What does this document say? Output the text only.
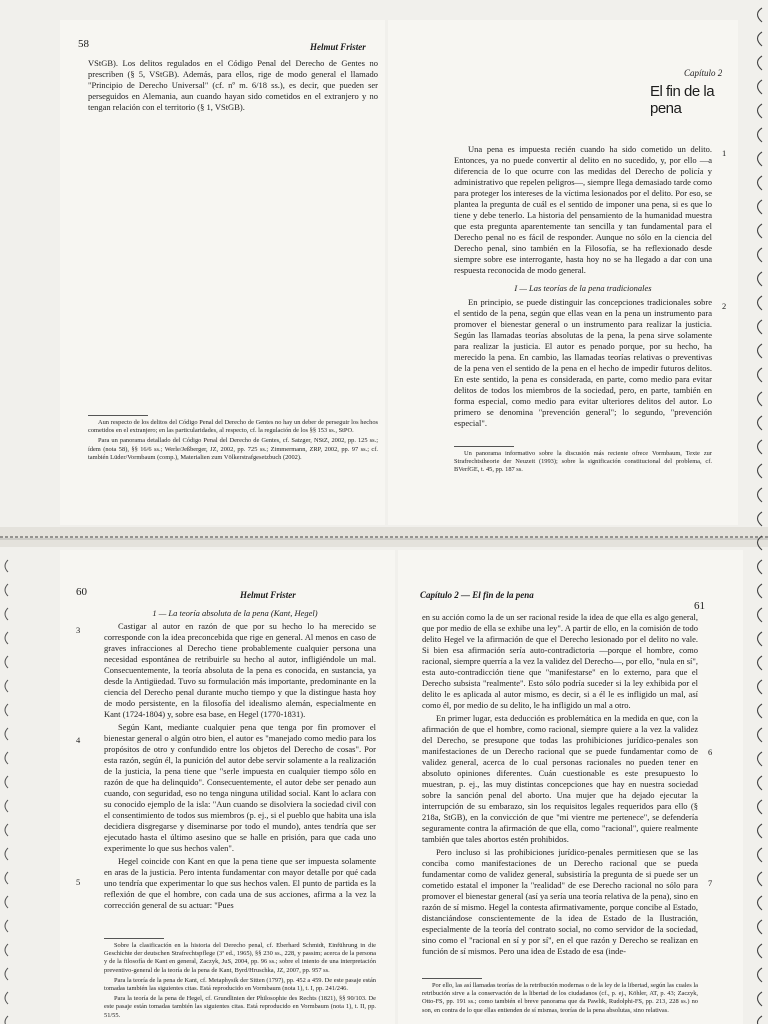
58	Helmut Frister

VStGB). Los delitos regulados en el Código Penal del Derecho de Gentes no prescriben (§ 5, VStGB). Además, para ellos, rige de modo general el llamado "Principio de Derecho Universal" (cf. nº m. 6/18 ss.), es decir, que pueden ser perseguidos en Alemania, aun cuando hayan sido cometidos en el extranjero y no tengan relación con el territorio (§ 1, VStGB).

Aun respecto de los delitos del Código Penal del Derecho de Gentes no hay un deber de perseguir los hechos cometidos en el extranjero; en las particularidades, al respecto, cf. la regulación de los §§ 153 ss., StPO.

Para un panorama detallado del Código Penal del Derecho de Gentes, cf. Satzger, NStZ, 2002, pp. 125 ss.; ídem (nota 58), §§ 16/6 ss.; Werle/Jeßberger, JZ, 2002, pp. 725 ss.; Zimmermann, ZRP, 2002, pp. 97 ss.; cf. también Lüder/Vormbaum (comp.), Materialien zum Völkerstrafgesetzbuch (2002).

Capítulo 2
El fin de la pena
1

Una pena es impuesta recién cuando ha sido cometido un delito. Entonces, ya no puede convertir al delito en no sucedido, y, por ello —a diferencia de lo que ocurre con las medidas del Derecho de policía y administrativo que repelen peligros—, siempre llega demasiado tarde como para proteger los intereses de la víctima lesionados por el delito. Por eso, se plantea la pregunta de cuál es el sentido de imponer una pena, si es que lo tiene y debe tenerlo. La historia del pensamiento de la humanidad muestra que esta pregunta aparentemente tan sencilla y tan fundamental para el Derecho penal no es fácil de responder. Aunque no sólo en la ciencia del Derecho penal, sino también en la Filosofía, se ha reflexionado desde siempre sobre ese interrogante, hasta hoy no se ha llegado a dar con una respuesta reconocida de modo general.

I — Las teorías de la pena tradicionales
2

En principio, se puede distinguir las concepciones tradicionales sobre el sentido de la pena, según que ellas vean en la pena un instrumento para promover el bienestar general o un instrumento para realizar la justicia. Según las llamadas teorías absolutas de la pena, la pena sirve solamente para realizar la justicia. El autor es penado porque, por su hecho, ha merecido la pena. En cambio, las llamadas teorías relativas o preventivas de la pena ven el sentido de la pena en el hecho de impedir futuros delitos. En este sentido, la pena es considerada, en parte, como medio para evitar delitos de todos los miembros de la sociedad, pero, en parte, también en forma especial, como medio para evitar ulteriores delitos del autor. Lo primero se denomina "prevención general"; lo segundo, "prevención especial".

Un panorama informativo sobre la discusión más reciente ofrece Vormbaum, Texte zur Strafrechtstheorie der Neuzeit (1993); sobre la significación constitucional del problema, cf. BVerfGE, t. 45, pp. 187 ss.

60	Helmut Frister
1 — La teoría absoluta de la pena (Kant, Hegel)
3
4
5

Castigar al autor en razón de que por su hecho lo ha merecido se corresponde con la idea preconcebida que rige en general. Al menos en caso de graves infracciones al Derecho tiene probablemente cualquier persona una necesidad espontánea de retribuirle su hecho al autor, infligiéndole un mal. Consecuentemente, la teoría absoluta de la pena es conocida, en sustancia, ya desde la Antigüedad. Tuvo su formulación más importante, predominante en la ciencia del Derecho penal durante mucho tiempo y que la distingue hasta hoy de modo persistente, en la filosofía del idealismo alemán, especialmente en Kant (1724-1804) y, sobre esa base, en Hegel (1770-1831).

Según Kant, mediante cualquier pena que tenga por fin promover el bienestar general o algún otro bien, el autor es "manejado como medio para los propósitos de otro y confundido entre los objetos del Derecho de cosas". Por esta razón, según él, la punición del autor debe servir solamente a la realización de la justicia, la pena tiene que "serle impuesta en cualquier tiempo sólo en razón de que ha delinquido". Consecuentemente, el autor debe ser penado aun cuando, con seguridad, eso no tenga ninguna utilidad social. Kant lo aclara con su conocido ejemplo de la isla: "Aun cuando se disolviera la sociedad civil con el consentimiento de todos sus miembros (p. ej., si el pueblo que habita una isla decidiera disgregarse y diseminarse por todo el mundo), antes tendría que ser ejecutado hasta el último asesino que se halle en prisión, para que cada uno experimente lo que sus hechos valen".

Hegel coincide con Kant en que la pena tiene que ser impuesta solamente en aras de la justicia. Pero intenta fundamentar con mayor detalle por qué cada uno tendría que experimentar lo que sus hechos valen. El punto de partida es la reflexión de que el hombre, con cada una de sus acciones, afirma a la vez la corrección general de su actuar: "Pues

Sobre la clasificación en la historia del Derecho penal, cf. Eberhard Schmidt, Einführung in die Geschichte der deutschen Strafrechtspflege (3ª ed., 1965), §§ 230 ss., 228, y passim; acerca de la persona y de la filosofía de Kant en general, Zaczyk, JuS, 2004, pp. 96 ss.; sobre el intento de una interpretación preventivo-general de la teoría de la pena de Kant, Byrd/Hruschka, JZ, 2007, pp. 957 ss.

Para la teoría de la pena de Kant, cf. Metaphysik der Sitten (1797), pp. 452 a 459. De este pasaje están tomadas también las siguientes citas. Está reproducido en Vormbaum (nota 1), t. I, pp. 241/246.

Para la teoría de la pena de Hegel, cf. Grundlinien der Philosophie des Rechts (1821), §§ 90/103. De este pasaje están tomadas también las siguientes citas. Está reproducido en Vormbaum (nota 1), t. II, pp. 51/55.

Capítulo 2 — El fin de la pena
61
6
7

en su acción como la de un ser racional reside la idea de que ella es algo general, que por medio de ella se exhibe una ley". A partir de ello, en la comisión de todo delito Hegel ve la afirmación de que el Derecho lesionado por el delito no vale. Si bien esa afirmación sería auto-contradictoria —porque el hombre, como racional, siempre querría a la vez la validez del Derecho—, por ello, "nula en sí", esta auto-contradicción tiene que "manifestarse" en lo externo, para que el Derecho subsista "realmente". Esto sólo podría suceder si la ley exhibida por el delito le es aplicada al autor mismo, es decir, si a él le es infligido un mal, así como él, por medio de su delito, le ha infligido un mal a otro.

En primer lugar, esta deducción es problemática en la medida en que, con la afirmación de que el hombre, como racional, siempre quiere a la vez la validez del Derecho, se presupone que todas las prohibiciones jurídico-penales son manifestaciones de un Derecho racional que se puede fundamentar como de validez general, acerca de lo cual personas racionales no pueden tener en absoluto opiniones diferentes. Cuán cuestionable es este presupuesto lo muestran, p. ej., las muy distintas concepciones que hay en nuestra sociedad sobre la sanción penal del aborto. Una mujer que ha dejado ejecutar la interrupción de su embarazo, sin los requisitos legales requeridos para ello (§ 218a, StGB), en la convicción de que "mi vientre me pertenece", se defendería seguramente contra la afirmación de que ella, como "racional", quiere realmente también que tales abortos estén prohibidos.

Pero incluso si las prohibiciones jurídico-penales permitiesen que se las conciba como manifestaciones de un Derecho racional que se pueda fundamentar como de validez general, subsistiría la pregunta de si puede ser un cometido estatal el imponer la "realidad" de ese Derecho racional no sólo para promover el bienestar general (así ya sería una teoría relativa de la pena), sino en razón de sí mismo. Hegel la contesta afirmativamente, porque concibe al Estado, distanciándose conscientemente de la idea de Estado de la Ilustración, especialmente de la teoría del contrato social, no como servidor de la sociedad, sino como el "racional en sí y por sí", en el que razón y Derecho se realizan en función de sí mismos. Pero una idea de Estado de esa (inde-

Por ello, las así llamadas teorías de la retribución modernas o de la ley de la libertad, según las cuales la retribución sirve a la conservación de la libertad de los ciudadanos (cf., p. ej., Köhler, AT, p. 43; Zaczyk, Otto-FS, pp. 191 ss.; como también el breve panorama que da Pawlik, Rudolphi-FS, pp. 213, 228 ss.) no son, en contra de lo que ellas entienden de sí mismas, teorías de la pena absolutas, sino relativas.
